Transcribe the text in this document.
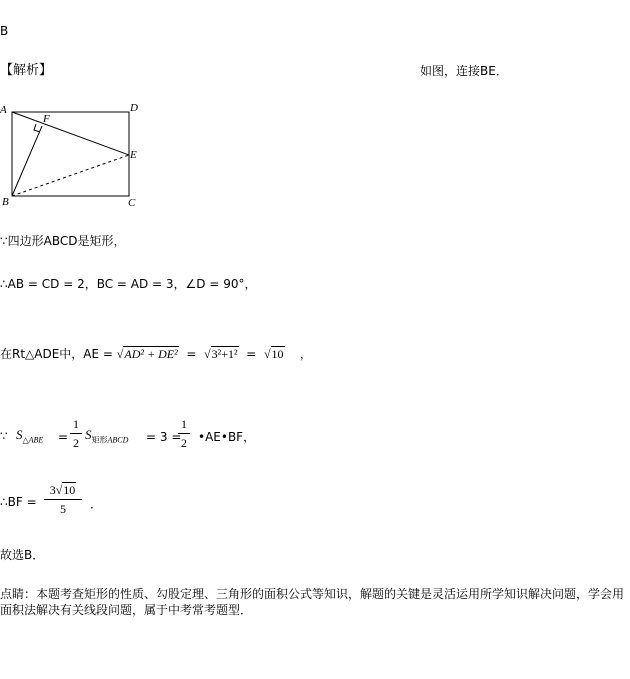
B
【解析】	如图，连接BE．
A	D
F
E
B	C
∵四边形ABCD是矩形，
∴AB = CD = 2，BC = AD = 3，∠D = 90°，
在Rt△ADE中，AE = √AD² + DE² = √3²+1² = √10 ，
∵ $S_{\triangle ABE}$ =
1
2
$S_{矩形ABCD} = 3$ =
1
2 •AE•BF，
∴BF =
3√10
5	．
故选B．
点睛：本题考查矩形的性质、勾股定理、三角形的面积公式等知识，解题的关键是灵活运用所学知识解决问题，学会用面积法解决有关线段问题，属于中考常考题型．
